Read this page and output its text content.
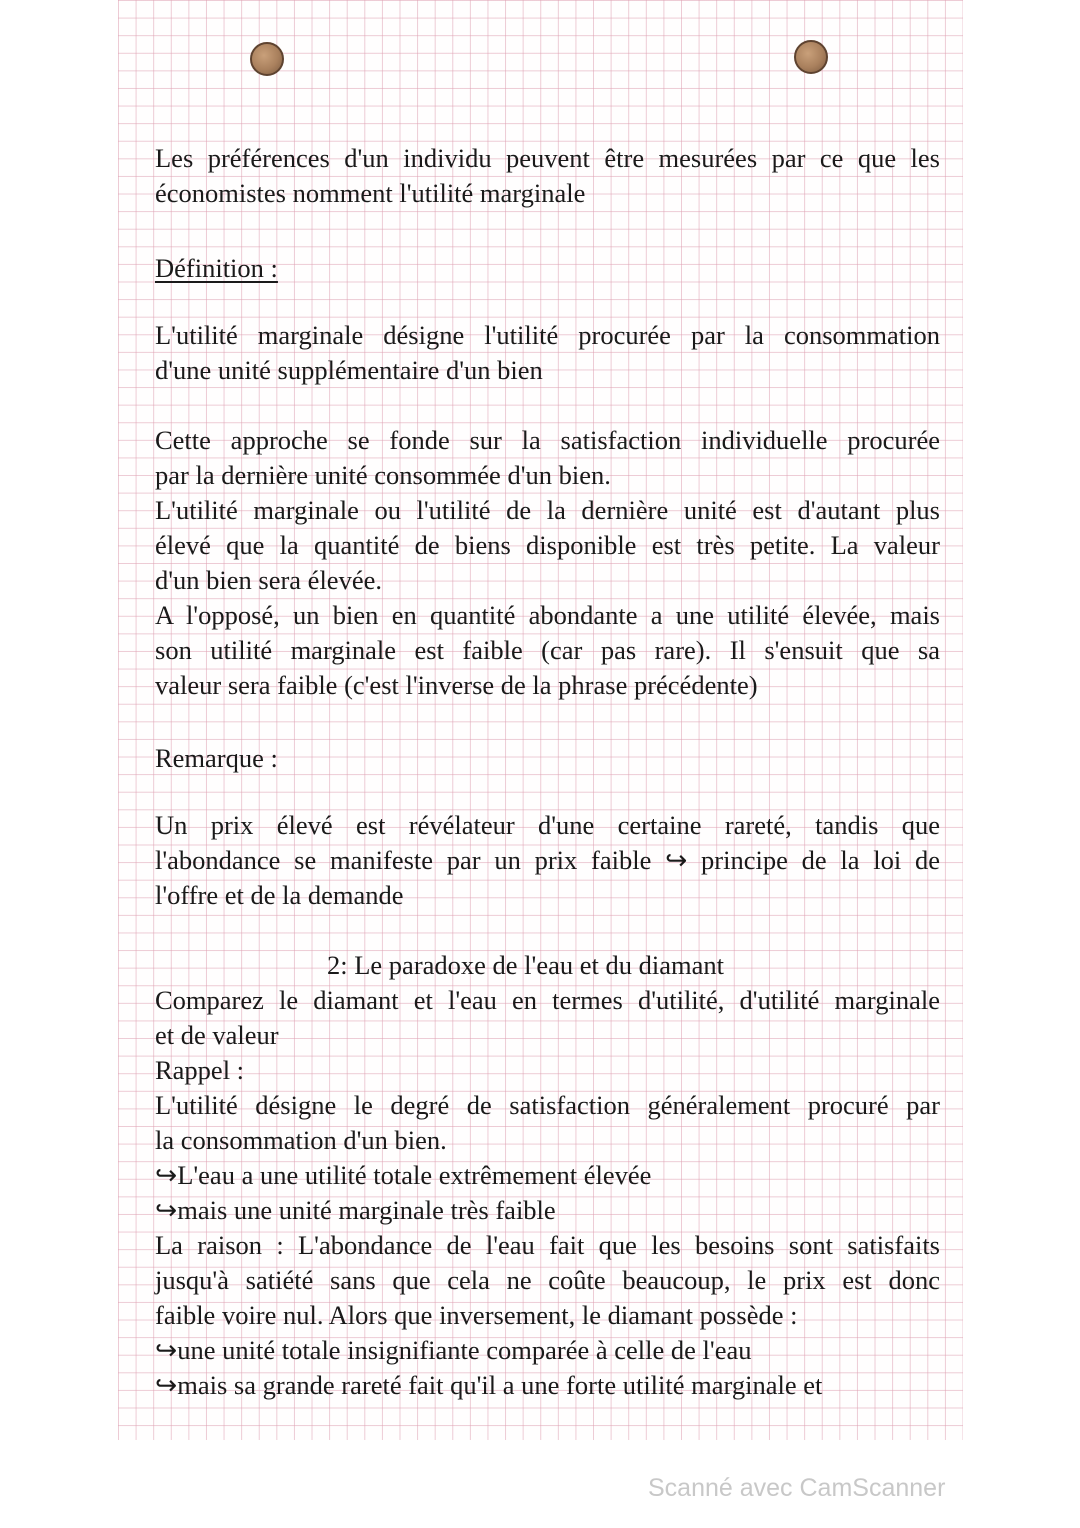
Les préférences d'un individu peuvent être mesurées par ce que les
économistes nomment l'utilité marginale
Définition :
L'utilité marginale désigne l'utilité procurée par la consommation
d'une unité supplémentaire d'un bien
Cette approche se fonde sur la satisfaction individuelle procurée
par la dernière unité consommée d'un bien.
L'utilité marginale ou l'utilité de la dernière unité est d'autant plus
élevé que la quantité de biens disponible est très petite. La valeur
d'un bien sera élevée.
A l'opposé, un bien en quantité abondante a une utilité élevée, mais
son utilité marginale est faible (car pas rare). Il s'ensuit que sa
valeur sera faible (c'est l'inverse de la phrase précédente)
Remarque :
Un prix élevé est révélateur d'une certaine rareté, tandis que
l'abondance se manifeste par un prix faible ↪ principe de la loi de
l'offre et de la demande
2: Le paradoxe de l'eau et du diamant
Comparez le diamant et l'eau en termes d'utilité, d'utilité marginale
et de valeur
Rappel :
L'utilité désigne le degré de satisfaction généralement procuré par
la consommation d'un bien.
↪L'eau a une utilité totale extrêmement élevée
↪mais une unité marginale très faible
La raison : L'abondance de l'eau fait que les besoins sont satisfaits
jusqu'à satiété sans que cela ne coûte beaucoup, le prix est donc
faible voire nul. Alors que inversement, le diamant possède :
↪une unité totale insignifiante comparée à celle de l'eau
↪mais sa grande rareté fait qu'il a une forte utilité marginale et
Scanné avec CamScanner
